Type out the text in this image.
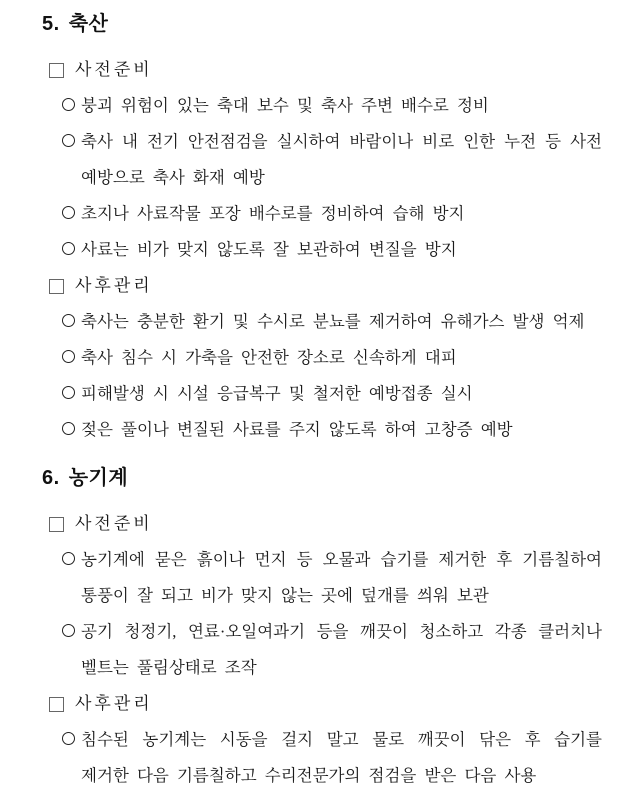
5. 축산
사전준비
붕괴 위험이 있는 축대 보수 및 축사 주변 배수로 정비
축사 내 전기 안전점검을 실시하여 바람이나 비로 인한 누전 등 사전 예방으로 축사 화재 예방
초지나 사료작물 포장 배수로를 정비하여 습해 방지
사료는 비가 맞지 않도록 잘 보관하여 변질을 방지
사후관리
축사는 충분한 환기 및 수시로 분뇨를 제거하여 유해가스 발생 억제
축사 침수 시 가축을 안전한 장소로 신속하게 대피
피해발생 시 시설 응급복구 및 철저한 예방접종 실시
젖은 풀이나 변질된 사료를 주지 않도록 하여 고창증 예방
6. 농기계
사전준비
농기계에 묻은 흙이나 먼지 등 오물과 습기를 제거한 후 기름칠하여 통풍이 잘 되고 비가 맞지 않는 곳에 덮개를 씌워 보관
공기 청정기, 연료·오일여과기 등을 깨끗이 청소하고 각종 클러치나 벨트는 풀림상태로 조작
사후관리
침수된 농기계는 시동을 걸지 말고 물로 깨끗이 닦은 후 습기를 제거한 다음 기름칠하고 수리전문가의 점검을 받은 다음 사용
